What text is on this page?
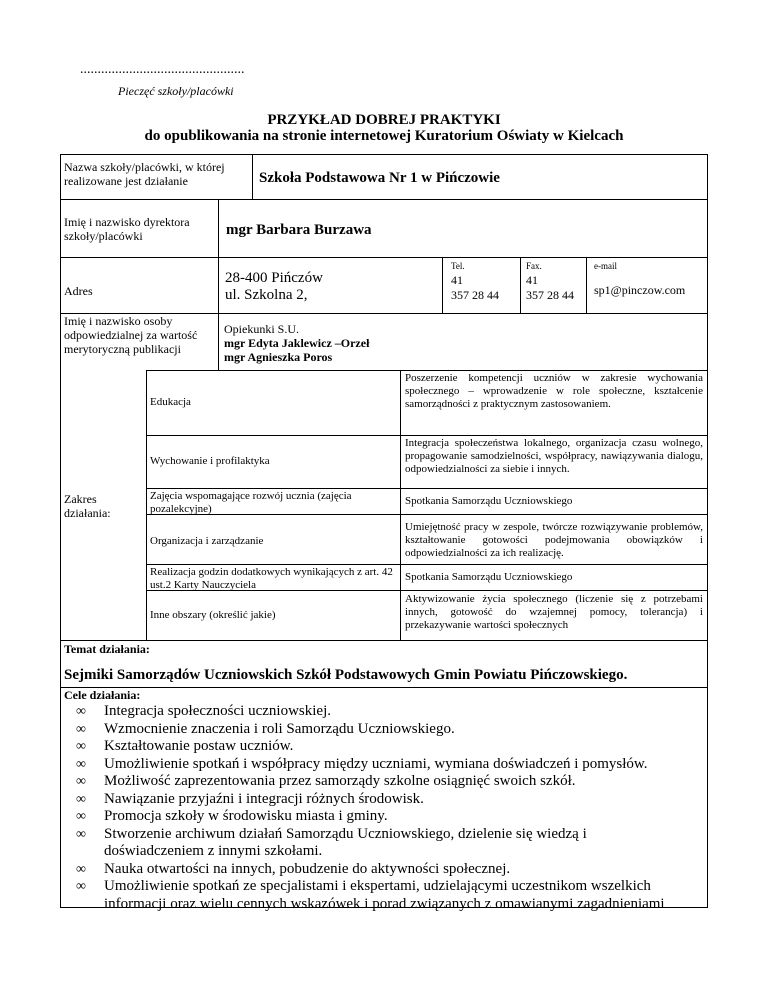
...............................................
Pieczęć szkoły/placówki
PRZYKŁAD DOBREJ PRAKTYKI
do opublikowania na stronie internetowej Kuratorium Oświaty w Kielcach
Nazwa szkoły/placówki, w której realizowane jest działanie	Szkoła Podstawowa Nr 1 w Pińczowie
Imię i nazwisko dyrektora szkoły/placówki	mgr Barbara Burzawa
Adres
28-400 Pińczów
ul. Szkolna 2,
Tel.
41
357 28 44
Fax.
41
357 28 44
e-mail
sp1@pinczow.com
Imię i nazwisko osoby odpowiedzialnej za wartość merytoryczną publikacji
Opiekunki S.U.
mgr Edyta Jaklewicz –Orzeł
mgr Agnieszka Poros
Zakres działania:
Edukacja
Wychowanie i profilaktyka
Zajęcia wspomagające rozwój ucznia (zajęcia pozalekcyjne)
Organizacja i zarządzanie
Realizacja godzin dodatkowych wynikających z art. 42 ust.2 Karty Nauczyciela
Inne obszary (określić jakie)
Poszerzenie kompetencji uczniów w zakresie wychowania społecznego – wprowadzenie w role społeczne, kształcenie samorządności z praktycznym zastosowaniem.
Integracja społeczeństwa lokalnego, organizacja czasu wolnego, propagowanie samodzielności, współpracy, nawiązywania dialogu, odpowiedzialności za siebie i innych.
Spotkania Samorządu Uczniowskiego
Umiejętność pracy w zespole, twórcze rozwiązywanie problemów, kształtowanie gotowości podejmowania obowiązków i odpowiedzialności za ich realizację.
Spotkania Samorządu Uczniowskiego
Aktywizowanie życia społecznego (liczenie się z potrzebami innych, gotowość do wzajemnej pomocy, tolerancja) i przekazywanie wartości społecznych
Temat działania:
Sejmiki Samorządów Uczniowskich Szkół Podstawowych Gmin Powiatu Pińczowskiego.
Cele działania:
∞ Integracja społeczności uczniowskiej.
∞ Wzmocnienie znaczenia i roli Samorządu Uczniowskiego.
∞ Kształtowanie postaw uczniów.
∞ Umożliwienie spotkań i współpracy między uczniami, wymiana doświadczeń i pomysłów.
∞ Możliwość zaprezentowania przez samorządy szkolne osiągnięć swoich szkół.
∞ Nawiązanie przyjaźni i integracji różnych środowisk.
∞ Promocja szkoły w środowisku miasta i gminy.
∞ Stworzenie archiwum działań Samorządu Uczniowskiego, dzielenie się wiedzą i doświadczeniem z innymi szkołami.
∞ Nauka otwartości na innych, pobudzenie do aktywności społecznej.
∞ Umożliwienie spotkań ze specjalistami i ekspertami, udzielającymi uczestnikom wszelkich informacji oraz wielu cennych wskazówek i porad związanych z omawianymi zagadnieniami
